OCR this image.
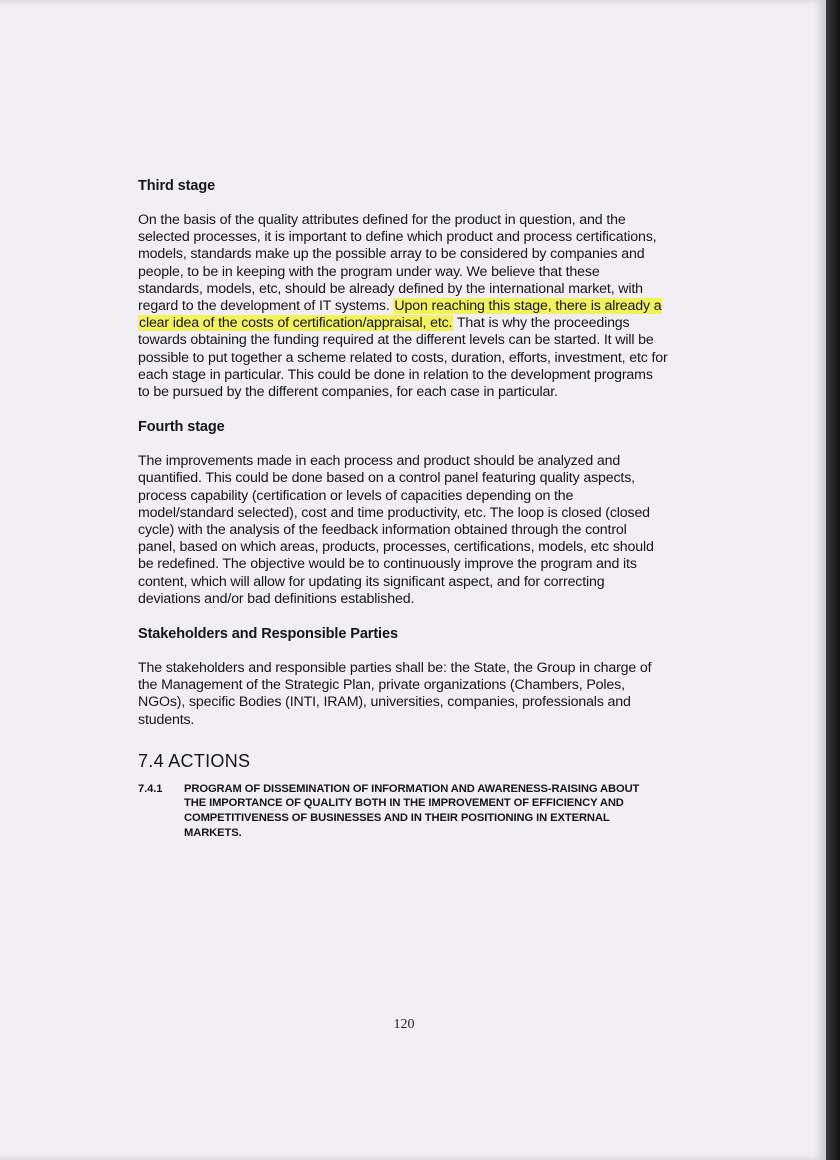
Third stage

On the basis of the quality attributes defined for the product in question, and the selected processes, it is important to define which product and process certifications, models, standards make up the possible array to be considered by companies and people, to be in keeping with the program under way. We believe that these standards, models, etc, should be already defined by the international market, with regard to the development of IT systems. Upon reaching this stage, there is already a clear idea of the costs of certification/appraisal, etc. That is why the proceedings towards obtaining the funding required at the different levels can be started. It will be possible to put together a scheme related to costs, duration, efforts, investment, etc for each stage in particular. This could be done in relation to the development programs to be pursued by the different companies, for each case in particular.

Fourth stage

The improvements made in each process and product should be analyzed and quantified. This could be done based on a control panel featuring quality aspects, process capability (certification or levels of capacities depending on the model/standard selected), cost and time productivity, etc. The loop is closed (closed cycle) with the analysis of the feedback information obtained through the control panel, based on which areas, products, processes, certifications, models, etc should be redefined. The objective would be to continuously improve the program and its content, which will allow for updating its significant aspect, and for correcting deviations and/or bad definitions established.

Stakeholders and Responsible Parties

The stakeholders and responsible parties shall be: the State, the Group in charge of the Management of the Strategic Plan, private organizations (Chambers, Poles, NGOs), specific Bodies (INTI, IRAM), universities, companies, professionals and students.

7.4 ACTIONS
7.4.1	PROGRAM OF DISSEMINATION OF INFORMATION AND AWARENESS-RAISING ABOUT THE IMPORTANCE OF QUALITY BOTH IN THE IMPROVEMENT OF EFFICIENCY AND COMPETITIVENESS OF BUSINESSES AND IN THEIR POSITIONING IN EXTERNAL MARKETS.
120
